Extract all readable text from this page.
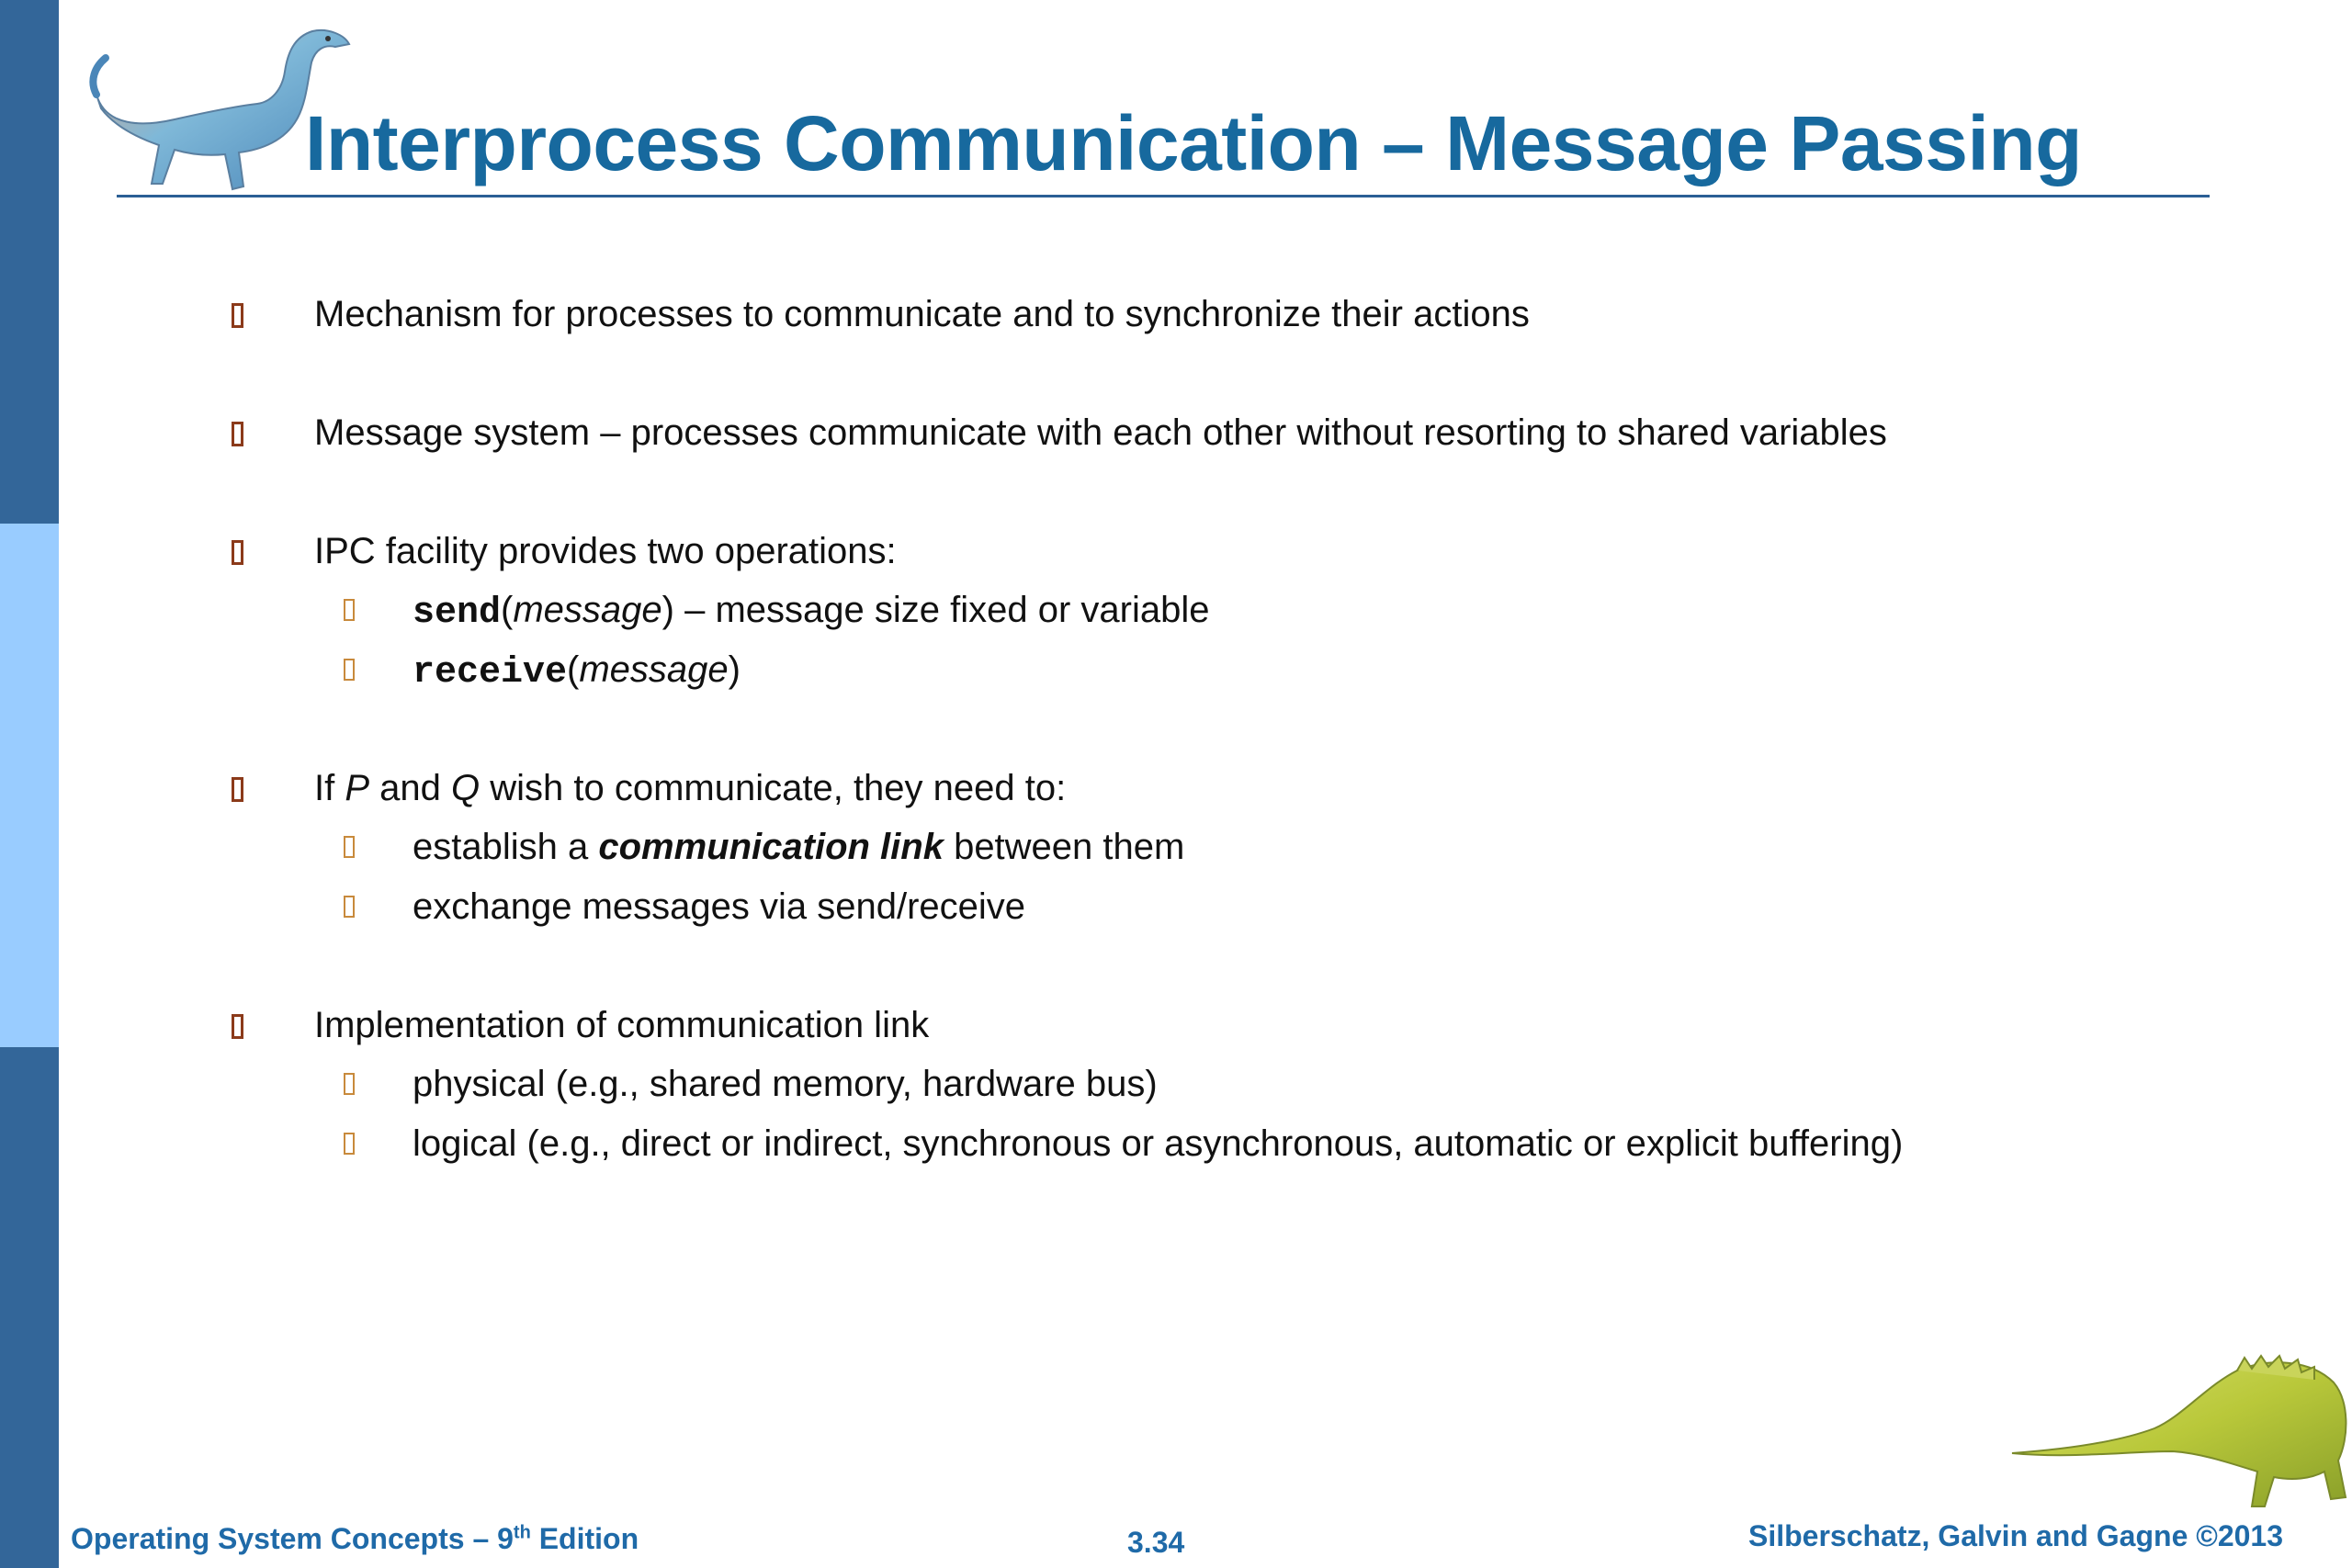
Interprocess Communication – Message Passing
Mechanism for processes to communicate and to synchronize their actions
Message system – processes communicate with each other without resorting to shared variables
IPC facility provides two operations:
send(message) – message size fixed or variable
receive(message)
If P and Q wish to communicate, they need to:
establish a communication link between them
exchange messages via send/receive
Implementation of communication link
physical (e.g., shared memory, hardware bus)
logical (e.g., direct or indirect, synchronous or asynchronous, automatic or explicit buffering)
Operating System Concepts – 9th Edition	3.34	Silberschatz, Galvin and Gagne ©2013
